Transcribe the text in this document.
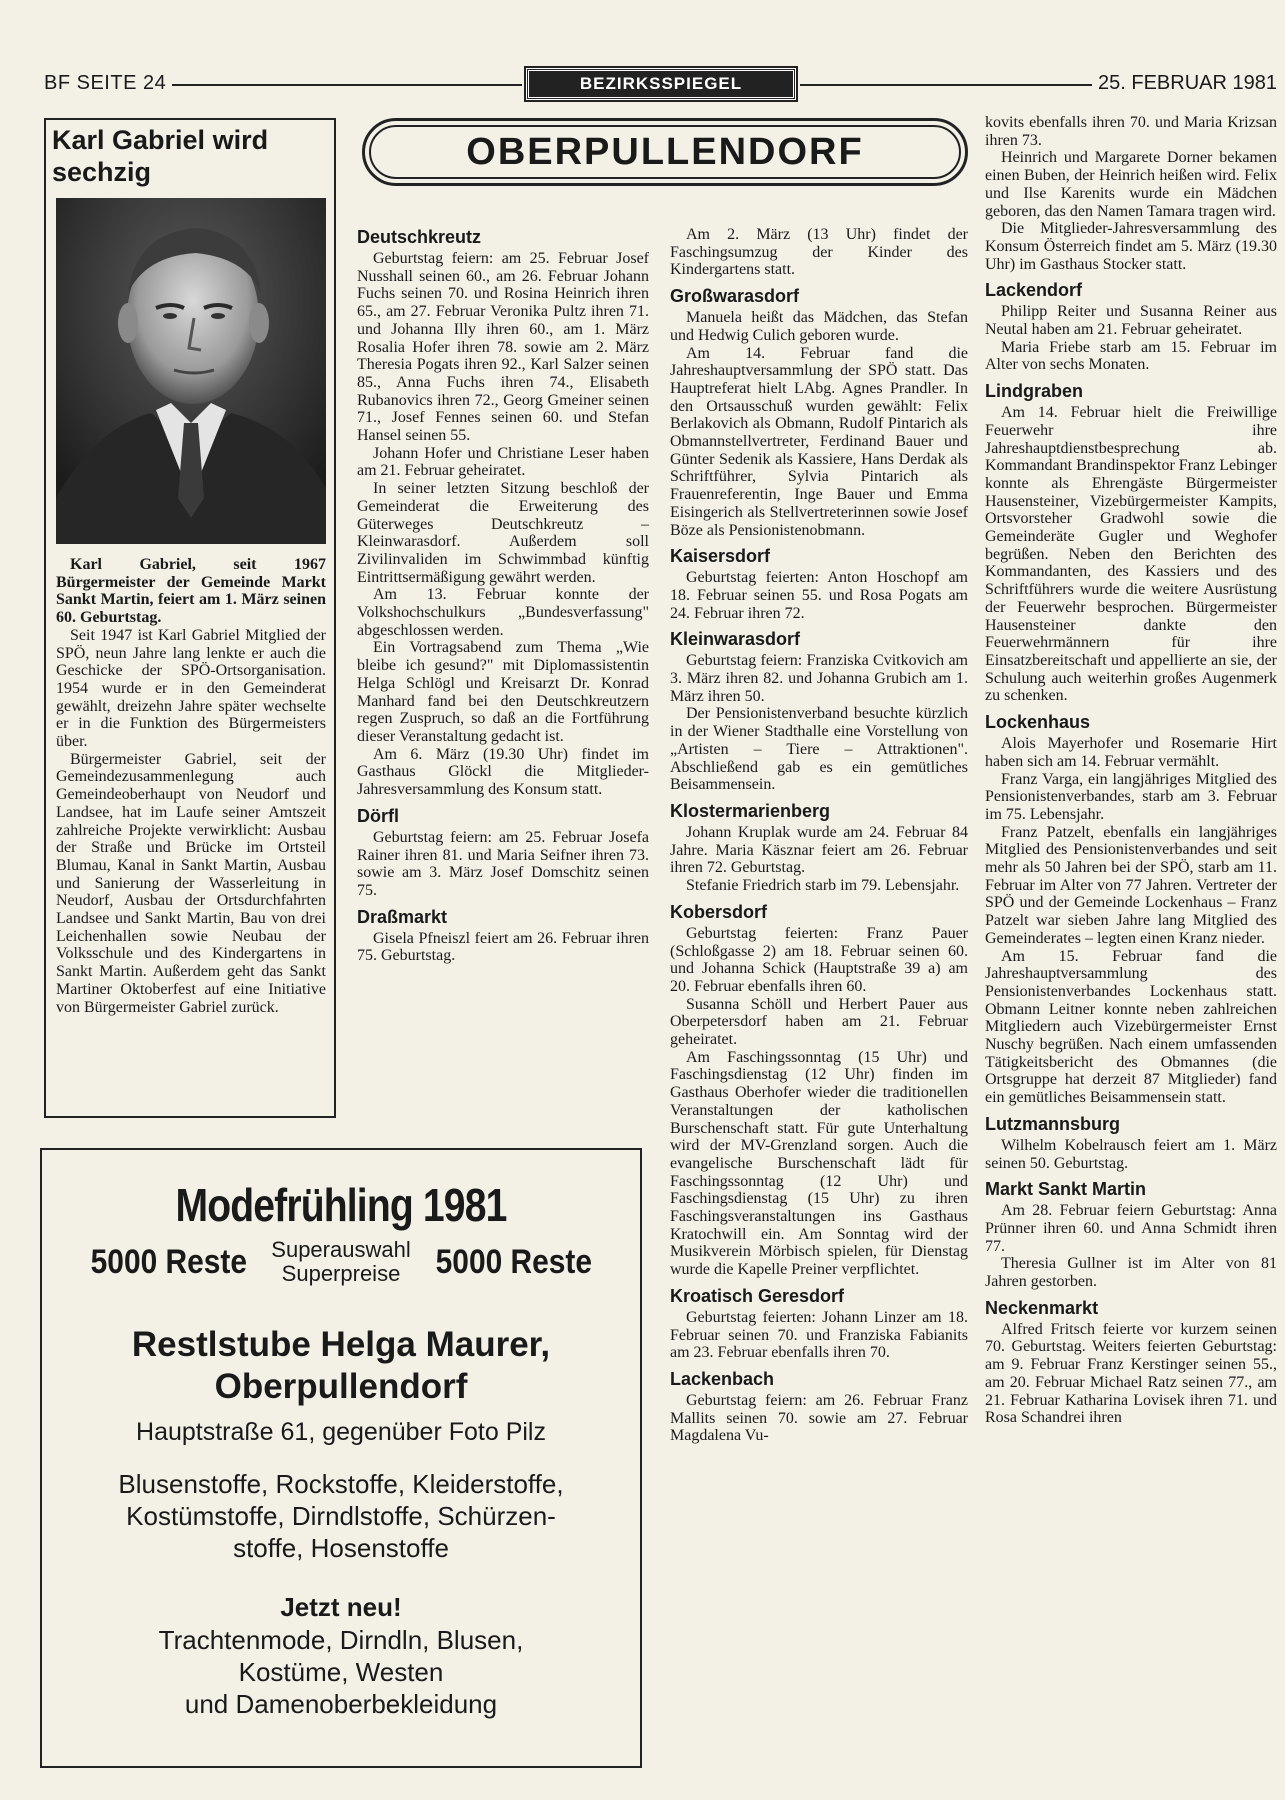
BF SEITE 24	BEZIRKSSPIEGEL	25. FEBRUAR 1981
Karl Gabriel wird sechzig

Karl Gabriel, seit 1967 Bürgermeister der Gemeinde Markt Sankt Martin, feiert am 1. März seinen 60. Geburtstag.

Seit 1947 ist Karl Gabriel Mitglied der SPÖ, neun Jahre lang lenkte er auch die Geschicke der SPÖ-Ortsorganisation. 1954 wurde er in den Gemeinderat gewählt, dreizehn Jahre später wechselte er in die Funktion des Bürgermeisters über.

Bürgermeister Gabriel, seit der Gemeindezusammenlegung auch Gemeindeoberhaupt von Neudorf und Landsee, hat im Laufe seiner Amtszeit zahlreiche Projekte verwirklicht: Ausbau der Straße und Brücke im Ortsteil Blumau, Kanal in Sankt Martin, Ausbau und Sanierung der Wasserleitung in Neudorf, Ausbau der Ortsdurchfahrten Landsee und Sankt Martin, Bau von drei Leichenhallen sowie Neubau der Volksschule und des Kindergartens in Sankt Martin. Außerdem geht das Sankt Martiner Oktoberfest auf eine Initiative von Bürgermeister Gabriel zurück.

OBERPULLENDORF
Deutschkreutz

Geburtstag feiern: am 25. Februar Josef Nusshall seinen 60., am 26. Februar Johann Fuchs seinen 70. und Rosina Heinrich ihren 65., am 27. Februar Veronika Pultz ihren 71. und Johanna Illy ihren 60., am 1. März Rosalia Hofer ihren 78. sowie am 2. März Theresia Pogats ihren 92., Karl Salzer seinen 85., Anna Fuchs ihren 74., Elisabeth Rubanovics ihren 72., Georg Gmeiner seinen 71., Josef Fennes seinen 60. und Stefan Hansel seinen 55.

Johann Hofer und Christiane Leser haben am 21. Februar geheiratet.

In seiner letzten Sitzung beschloß der Gemeinderat die Erweiterung des Güterweges Deutschkreutz – Kleinwarasdorf. Außerdem soll Zivilinvaliden im Schwimmbad künftig Eintrittsermäßigung gewährt werden.

Am 13. Februar konnte der Volkshochschulkurs „Bundesverfassung" abgeschlossen werden.

Ein Vortragsabend zum Thema „Wie bleibe ich gesund?" mit Diplomassistentin Helga Schlögl und Kreisarzt Dr. Konrad Manhard fand bei den Deutschkreutzern regen Zuspruch, so daß an die Fortführung dieser Veranstaltung gedacht ist.

Am 6. März (19.30 Uhr) findet im Gasthaus Glöckl die Mitglieder-Jahresversammlung des Konsum statt.

Dörfl

Geburtstag feiern: am 25. Februar Josefa Rainer ihren 81. und Maria Seifner ihren 73. sowie am 3. März Josef Domschitz seinen 75.

Draßmarkt

Gisela Pfneiszl feiert am 26. Februar ihren 75. Geburtstag.

Am 2. März (13 Uhr) findet der Faschingsumzug der Kinder des Kindergartens statt.

Großwarasdorf

Manuela heißt das Mädchen, das Stefan und Hedwig Culich geboren wurde.

Am 14. Februar fand die Jahreshauptversammlung der SPÖ statt. Das Hauptreferat hielt LAbg. Agnes Prandler. In den Ortsausschuß wurden gewählt: Felix Berlakovich als Obmann, Rudolf Pintarich als Obmannstellvertreter, Ferdinand Bauer und Günter Sedenik als Kassiere, Hans Derdak als Schriftführer, Sylvia Pintarich als Frauenreferentin, Inge Bauer und Emma Eisingerich als Stellvertreterinnen sowie Josef Böze als Pensionistenobmann.

Kaisersdorf

Geburtstag feierten: Anton Hoschopf am 18. Februar seinen 55. und Rosa Pogats am 24. Februar ihren 72.

Kleinwarasdorf

Geburtstag feiern: Franziska Cvitkovich am 3. März ihren 82. und Johanna Grubich am 1. März ihren 50.

Der Pensionistenverband besuchte kürzlich in der Wiener Stadthalle eine Vorstellung von „Artisten – Tiere – Attraktionen". Abschließend gab es ein gemütliches Beisammensein.

Klostermarienberg

Johann Kruplak wurde am 24. Februar 84 Jahre. Maria Käsznar feiert am 26. Februar ihren 72. Geburtstag.

Stefanie Friedrich starb im 79. Lebensjahr.

Kobersdorf

Geburtstag feierten: Franz Pauer (Schloßgasse 2) am 18. Februar seinen 60. und Johanna Schick (Hauptstraße 39 a) am 20. Februar ebenfalls ihren 60.

Susanna Schöll und Herbert Pauer aus Oberpetersdorf haben am 21. Februar geheiratet.

Am Faschingssonntag (15 Uhr) und Faschingsdienstag (12 Uhr) finden im Gasthaus Oberhofer wieder die traditionellen Veranstaltungen der katholischen Burschenschaft statt. Für gute Unterhaltung wird der MV-Grenzland sorgen. Auch die evangelische Burschenschaft lädt für Faschingssonntag (12 Uhr) und Faschingsdienstag (15 Uhr) zu ihren Faschingsveranstaltungen ins Gasthaus Kratochwill ein. Am Sonntag wird der Musikverein Mörbisch spielen, für Dienstag wurde die Kapelle Preiner verpflichtet.

Kroatisch Geresdorf

Geburtstag feierten: Johann Linzer am 18. Februar seinen 70. und Franziska Fabianits am 23. Februar ebenfalls ihren 70.

Lackenbach

Geburtstag feiern: am 26. Februar Franz Mallits seinen 70. sowie am 27. Februar Magdalena Vu-

kovits ebenfalls ihren 70. und Maria Krizsan ihren 73.

Heinrich und Margarete Dorner bekamen einen Buben, der Heinrich heißen wird. Felix und Ilse Karenits wurde ein Mädchen geboren, das den Namen Tamara tragen wird.

Die Mitglieder-Jahresversammlung des Konsum Österreich findet am 5. März (19.30 Uhr) im Gasthaus Stocker statt.

Lackendorf

Philipp Reiter und Susanna Reiner aus Neutal haben am 21. Februar geheiratet.

Maria Friebe starb am 15. Februar im Alter von sechs Monaten.

Lindgraben

Am 14. Februar hielt die Freiwillige Feuerwehr ihre Jahreshauptdienstbesprechung ab. Kommandant Brandinspektor Franz Lebinger konnte als Ehrengäste Bürgermeister Hausensteiner, Vizebürgermeister Kampits, Ortsvorsteher Gradwohl sowie die Gemeinderäte Gugler und Weghofer begrüßen. Neben den Berichten des Kommandanten, des Kassiers und des Schriftführers wurde die weitere Ausrüstung der Feuerwehr besprochen. Bürgermeister Hausensteiner dankte den Feuerwehrmännern für ihre Einsatzbereitschaft und appellierte an sie, der Schulung auch weiterhin großes Augenmerk zu schenken.

Lockenhaus

Alois Mayerhofer und Rosemarie Hirt haben sich am 14. Februar vermählt.

Franz Varga, ein langjähriges Mitglied des Pensionistenverbandes, starb am 3. Februar im 75. Lebensjahr.

Franz Patzelt, ebenfalls ein langjähriges Mitglied des Pensionistenverbandes und seit mehr als 50 Jahren bei der SPÖ, starb am 11. Februar im Alter von 77 Jahren. Vertreter der SPÖ und der Gemeinde Lockenhaus – Franz Patzelt war sieben Jahre lang Mitglied des Gemeinderates – legten einen Kranz nieder.

Am 15. Februar fand die Jahreshauptversammlung des Pensionistenverbandes Lockenhaus statt. Obmann Leitner konnte neben zahlreichen Mitgliedern auch Vizebürgermeister Ernst Nuschy begrüßen. Nach einem umfassenden Tätigkeitsbericht des Obmannes (die Ortsgruppe hat derzeit 87 Mitglieder) fand ein gemütliches Beisammensein statt.

Lutzmannsburg

Wilhelm Kobelrausch feiert am 1. März seinen 50. Geburtstag.

Markt Sankt Martin

Am 28. Februar feiern Geburtstag: Anna Prünner ihren 60. und Anna Schmidt ihren 77.

Theresia Gullner ist im Alter von 81 Jahren gestorben.

Neckenmarkt

Alfred Fritsch feierte vor kurzem seinen 70. Geburtstag. Weiters feierten Geburtstag: am 9. Februar Franz Kerstinger seinen 55., am 20. Februar Michael Ratz seinen 77., am 21. Februar Katharina Lovisek ihren 71. und Rosa Schandrei ihren

Modefrühling 1981
5000 Reste Superauswahl
Superpreise	5000 Reste
Restlstube Helga Maurer,
Oberpullendorf
Hauptstraße 61, gegenüber Foto Pilz
Blusenstoffe, Rockstoffe, Kleiderstoffe,
Kostümstoffe, Dirndlstoffe, Schürzen-
stoffe, Hosenstoffe
Jetzt neu!
Trachtenmode, Dirndln, Blusen,
Kostüme, Westen
und Damenoberbekleidung
